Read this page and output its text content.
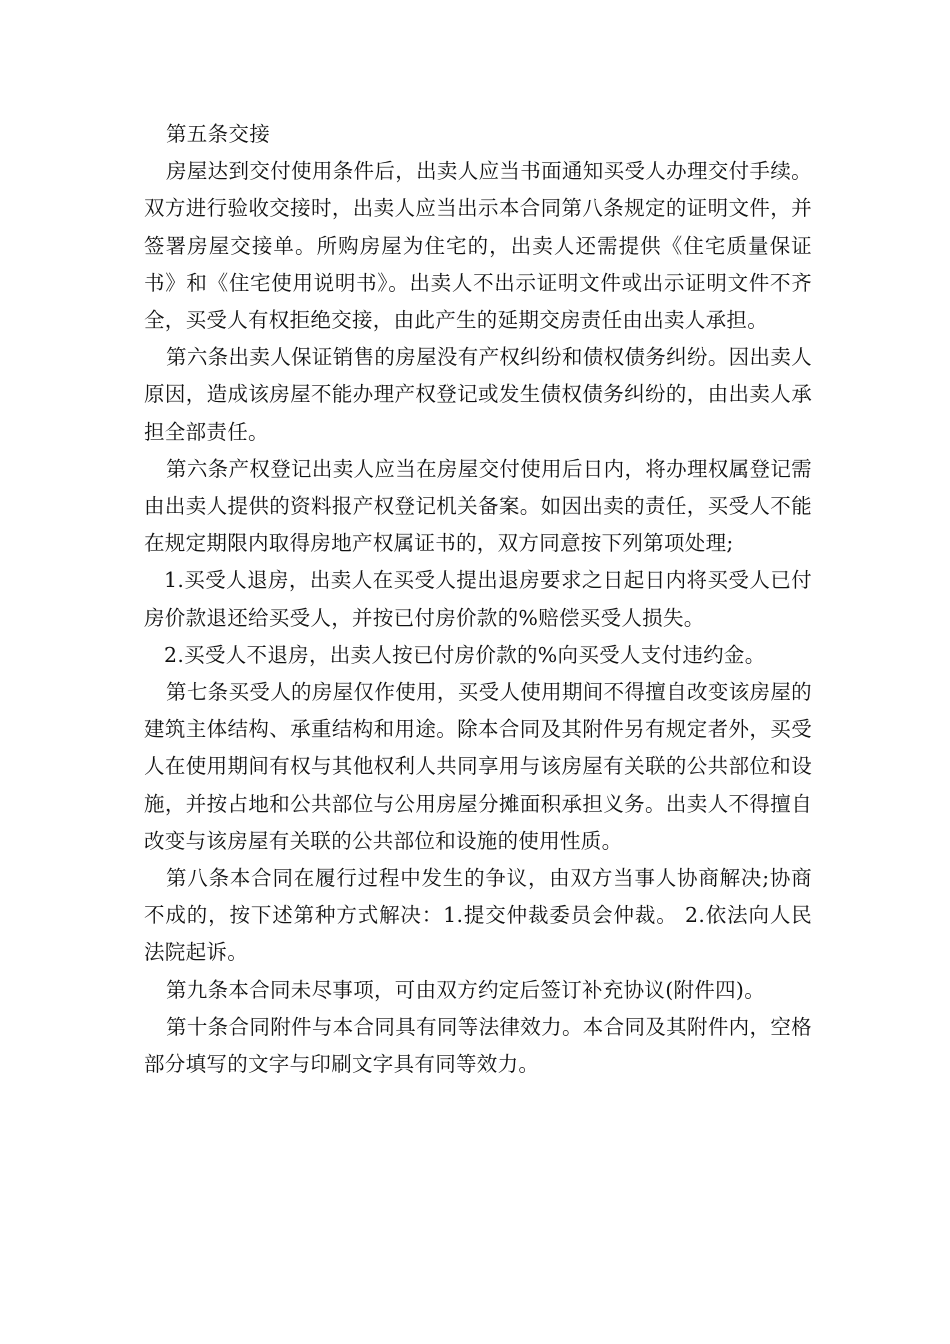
第五条交接

房屋达到交付使用条件后，出卖人应当书面通知买受人办理交付手续。双方进行验收交接时，出卖人应当出示本合同第八条规定的证明文件，并签署房屋交接单。所购房屋为住宅的，出卖人还需提供《住宅质量保证书》和《住宅使用说明书》。出卖人不出示证明文件或出示证明文件不齐全，买受人有权拒绝交接，由此产生的延期交房责任由出卖人承担。

第六条出卖人保证销售的房屋没有产权纠纷和债权债务纠纷。因出卖人原因，造成该房屋不能办理产权登记或发生债权债务纠纷的，由出卖人承担全部责任。

第六条产权登记出卖人应当在房屋交付使用后日内，将办理权属登记需由出卖人提供的资料报产权登记机关备案。如因出卖的责任，买受人不能在规定期限内取得房地产权属证书的，双方同意按下列第项处理;

1.买受人退房，出卖人在买受人提出退房要求之日起日内将买受人已付房价款退还给买受人，并按已付房价款的%赔偿买受人损失。

2.买受人不退房，出卖人按已付房价款的%向买受人支付违约金。

第七条买受人的房屋仅作使用，买受人使用期间不得擅自改变该房屋的建筑主体结构、承重结构和用途。除本合同及其附件另有规定者外，买受人在使用期间有权与其他权利人共同享用与该房屋有关联的公共部位和设施，并按占地和公共部位与公用房屋分摊面积承担义务。出卖人不得擅自改变与该房屋有关联的公共部位和设施的使用性质。

第八条本合同在履行过程中发生的争议，由双方当事人协商解决;协商不成的，按下述第种方式解决：1.提交仲裁委员会仲裁。 2.依法向人民法院起诉。

第九条本合同未尽事项，可由双方约定后签订补充协议(附件四)。

第十条合同附件与本合同具有同等法律效力。本合同及其附件内，空格部分填写的文字与印刷文字具有同等效力。
